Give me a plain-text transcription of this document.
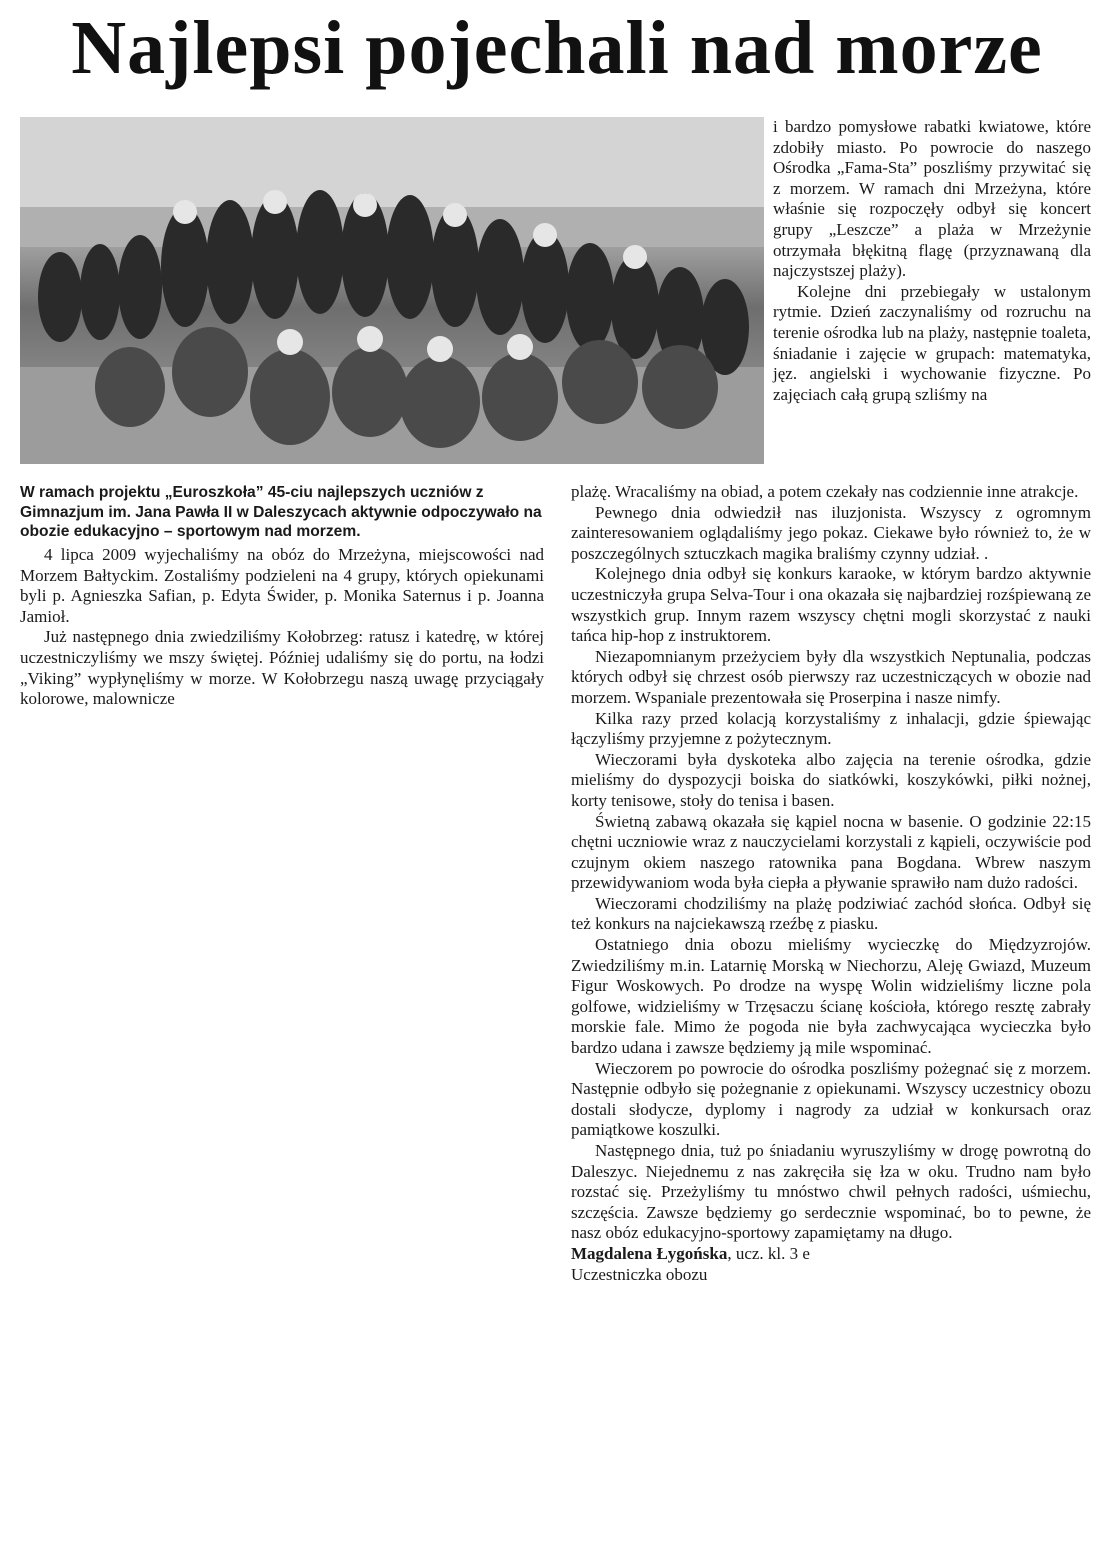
Najlepsi pojechali nad morze

i bardzo pomysłowe rabatki kwiatowe, które zdobiły miasto. Po powrocie do naszego Ośrodka „Fama-Sta” poszliśmy przywitać się z morzem. W ramach dni Mrzeżyna, które właśnie się rozpoczęły odbył się koncert grupy „Leszcze” a plaża w Mrzeżynie otrzymała błękitną flagę (przyznawaną dla najczystszej plaży).

Kolejne dni przebiegały w ustalonym rytmie. Dzień zaczynaliśmy od rozruchu na terenie ośrodka lub na plaży, następnie toaleta, śniadanie i zajęcie w grupach: matematyka, jęz. angielski i wychowanie fizyczne. Po zajęciach całą grupą szliśmy na

W ramach projektu „Euroszkoła” 45-ciu najlepszych uczniów z Gimnazjum im. Jana Pawła II w Daleszycach aktywnie odpoczywało na obozie edukacyjno – sportowym nad morzem.

4 lipca 2009 wyjechaliśmy na obóz do Mrzeżyna, miejscowości nad Morzem Bałtyckim. Zostaliśmy podzieleni na 4 grupy, których opiekunami byli p. Agnieszka Safian, p. Edyta Świder, p. Monika Saternus i p. Joanna Jamioł.

Już następnego dnia zwiedziliśmy Kołobrzeg: ratusz i katedrę, w której uczestniczyliśmy we mszy świętej. Później udaliśmy się do portu, na łodzi „Viking” wypłynęliśmy w morze. W Kołobrzegu naszą uwagę przyciągały kolorowe, malownicze

plażę. Wracaliśmy na obiad, a potem czekały nas codziennie inne atrakcje.

Pewnego dnia odwiedził nas iluzjonista. Wszyscy z ogromnym zainteresowaniem oglądaliśmy jego pokaz. Ciekawe było również to, że w poszczególnych sztuczkach magika braliśmy czynny udział. .

Kolejnego dnia odbył się konkurs karaoke, w którym bardzo aktywnie uczestniczyła grupa Selva-Tour i ona okazała się najbardziej rozśpiewaną ze wszystkich grup. Innym razem wszyscy chętni mogli skorzystać z nauki tańca hip-hop z instruktorem.

Niezapomnianym przeżyciem były dla wszystkich Neptunalia, podczas których odbył się chrzest osób pierwszy raz uczestniczących w obozie nad morzem. Wspaniale prezentowała się Proserpina i nasze nimfy.

Kilka razy przed kolacją korzystaliśmy z inhalacji, gdzie śpiewając łączyliśmy przyjemne z pożytecznym.

Wieczorami była dyskoteka albo zajęcia na terenie ośrodka, gdzie mieliśmy do dyspozycji boiska do siatkówki, koszykówki, piłki nożnej, korty tenisowe, stoły do tenisa i basen.

Świetną zabawą okazała się kąpiel nocna w basenie. O godzinie 22:15 chętni uczniowie wraz z nauczycielami korzystali z kąpieli, oczywiście pod czujnym okiem naszego ratownika pana Bogdana. Wbrew naszym przewidywaniom woda była ciepła a pływanie sprawiło nam dużo radości.

Wieczorami chodziliśmy na plażę podziwiać zachód słońca. Odbył się też konkurs na najciekawszą rzeźbę z piasku.

Ostatniego dnia obozu mieliśmy wycieczkę do Międzyzrojów. Zwiedziliśmy m.in. Latarnię Morską w Niechorzu, Aleję Gwiazd, Muzeum Figur Woskowych. Po drodze na wyspę Wolin widzieliśmy liczne pola golfowe, widzieliśmy w Trzęsaczu ścianę kościoła, którego resztę zabrały morskie fale. Mimo że pogoda nie była zachwycająca wycieczka było bardzo udana i zawsze będziemy ją mile wspominać.

Wieczorem po powrocie do ośrodka poszliśmy pożegnać się z morzem. Następnie odbyło się pożegnanie z opiekunami. Wszyscy uczestnicy obozu dostali słodycze, dyplomy i nagrody za udział w konkursach oraz pamiątkowe koszulki.

Następnego dnia, tuż po śniadaniu wyruszyliśmy w drogę powrotną do Daleszyc. Niejednemu z nas zakręciła się łza w oku. Trudno nam było rozstać się. Przeżyliśmy tu mnóstwo chwil pełnych radości, uśmiechu, szczęścia. Zawsze będziemy go serdecznie wspominać, bo to pewne, że nasz obóz edukacyjno-sportowy zapamiętamy na długo.

Magdalena Łygońska, ucz. kl. 3 e

Uczestniczka obozu
